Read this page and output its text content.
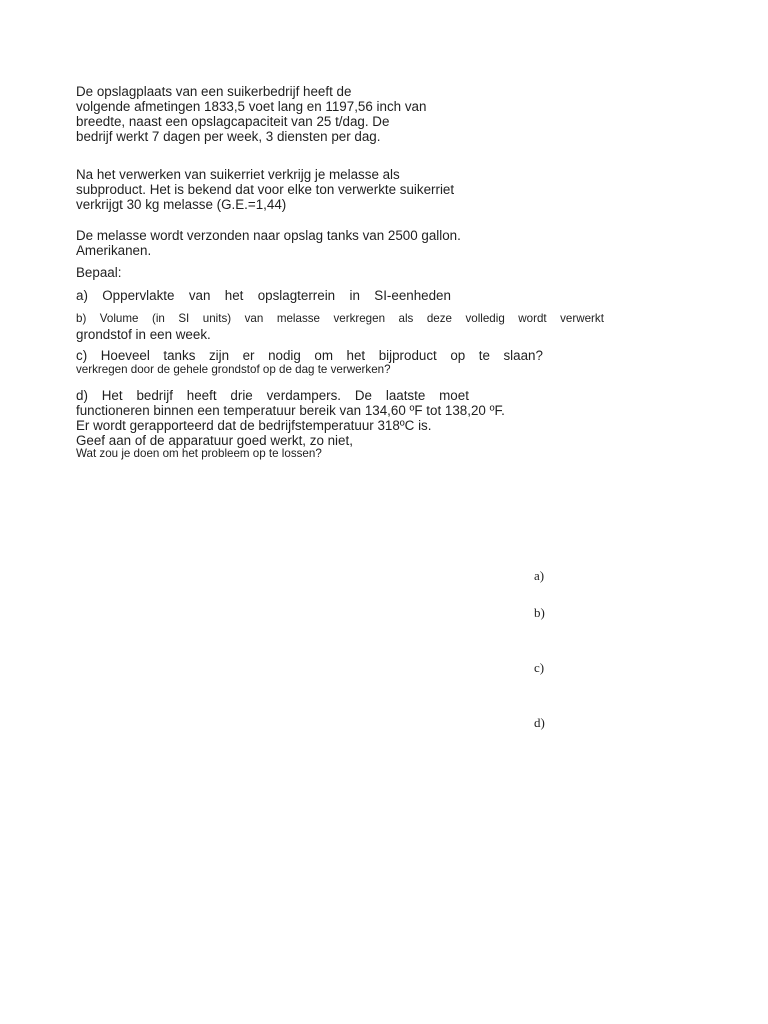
De opslagplaats van een suikerbedrijf heeft de
volgende afmetingen 1833,5 voet lang en 1197,56 inch van
breedte, naast een opslagcapaciteit van 25 t/dag. De
bedrijf werkt 7 dagen per week, 3 diensten per dag.
Na het verwerken van suikerriet verkrijg je melasse als
subproduct. Het is bekend dat voor elke ton verwerkte suikerriet
verkrijgt 30 kg melasse (G.E.=1,44)
De melasse wordt verzonden naar opslag tanks van 2500 gallon.
Amerikanen.
Bepaal:
a) Oppervlakte van het opslagterrein in SI-eenheden
b) Volume (in SI units) van melasse verkregen als deze volledig wordt verwerkt
grondstof in een week.
c) Hoeveel tanks zijn er nodig om het bijproduct op te slaan?
verkregen door de gehele grondstof op de dag te verwerken?
d) Het bedrijf heeft drie verdampers. De laatste moet
functioneren binnen een temperatuur bereik van 134,60 ºF tot 138,20 ºF.
Er wordt gerapporteerd dat de bedrijfstemperatuur 318ºC is.
Geef aan of de apparatuur goed werkt, zo niet,
Wat zou je doen om het probleem op te lossen?
a)
b)
c)
d)
